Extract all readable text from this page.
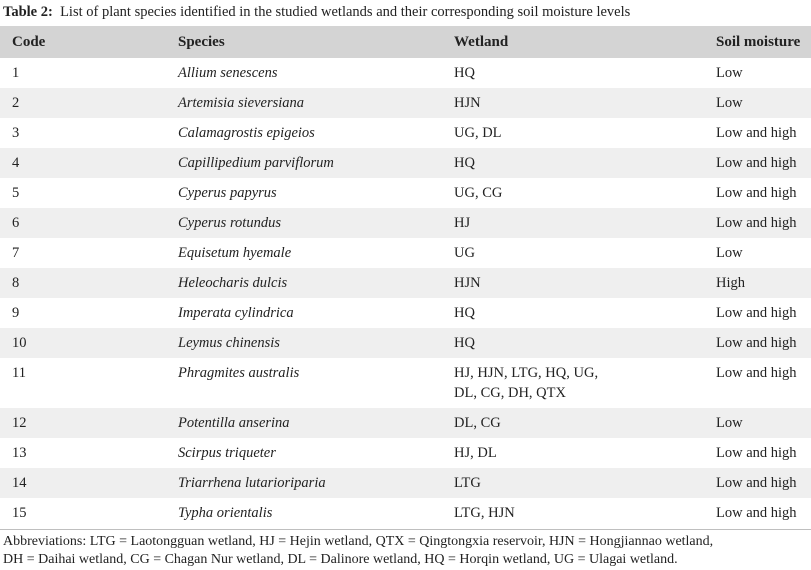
Table 2: List of plant species identified in the studied wetlands and their corresponding soil moisture levels
Code	Species	Wetland	Soil moisture
1	Allium senescens	HQ	Low
2	Artemisia sieversiana	HJN	Low
3	Calamagrostis epigeios	UG, DL	Low and high
4	Capillipedium parviflorum	HQ	Low and high
5	Cyperus papyrus	UG, CG	Low and high
6	Cyperus rotundus	HJ	Low and high
7	Equisetum hyemale	UG	Low
8	Heleocharis dulcis	HJN	High
9	Imperata cylindrica	HQ	Low and high
10	Leymus chinensis	HQ	Low and high
11	Phragmites australis	HJ, HJN, LTG, HQ, UG,
DL, CG, DH, QTX	Low and high
12	Potentilla anserina	DL, CG	Low
13	Scirpus triqueter	HJ, DL	Low and high
14	Triarrhena lutarioriparia	LTG	Low and high
15	Typha orientalis	LTG, HJN	Low and high
Abbreviations: LTG = Laotongguan wetland, HJ = Hejin wetland, QTX = Qingtongxia reservoir, HJN = Hongjiannao wetland,
DH = Daihai wetland, CG = Chagan Nur wetland, DL = Dalinore wetland, HQ = Horqin wetland, UG = Ulagai wetland.
